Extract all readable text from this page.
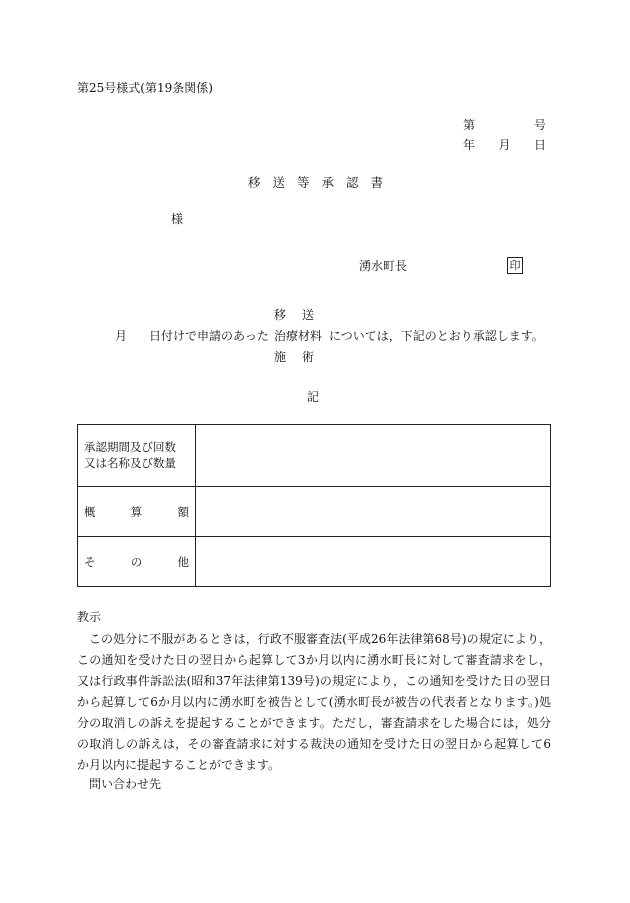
第25号様式(第19条関係)
第	号
年 月 日
移送等承認書
様
湧水町長	印
移送
月 日付けで申請のあった 治療材料 については，下記のとおり承認します。
施術
記
承認期間及び回数
又は名称及び数量	

概 算 額	

そ の 他	

教示

この処分に不服があるときは，行政不服審査法(平成26年法律第68号)の規定により，この通知を受けた日の翌日から起算して3か月以内に湧水町長に対して審査請求をし，又は行政事件訴訟法(昭和37年法律第139号)の規定により，この通知を受けた日の翌日から起算して6か月以内に湧水町を被告として(湧水町長が被告の代表者となります。)処分の取消しの訴えを提起することができます。ただし，審査請求をした場合には，処分の取消しの訴えは，その審査請求に対する裁決の通知を受けた日の翌日から起算して6か月以内に提起することができます。

問い合わせ先
